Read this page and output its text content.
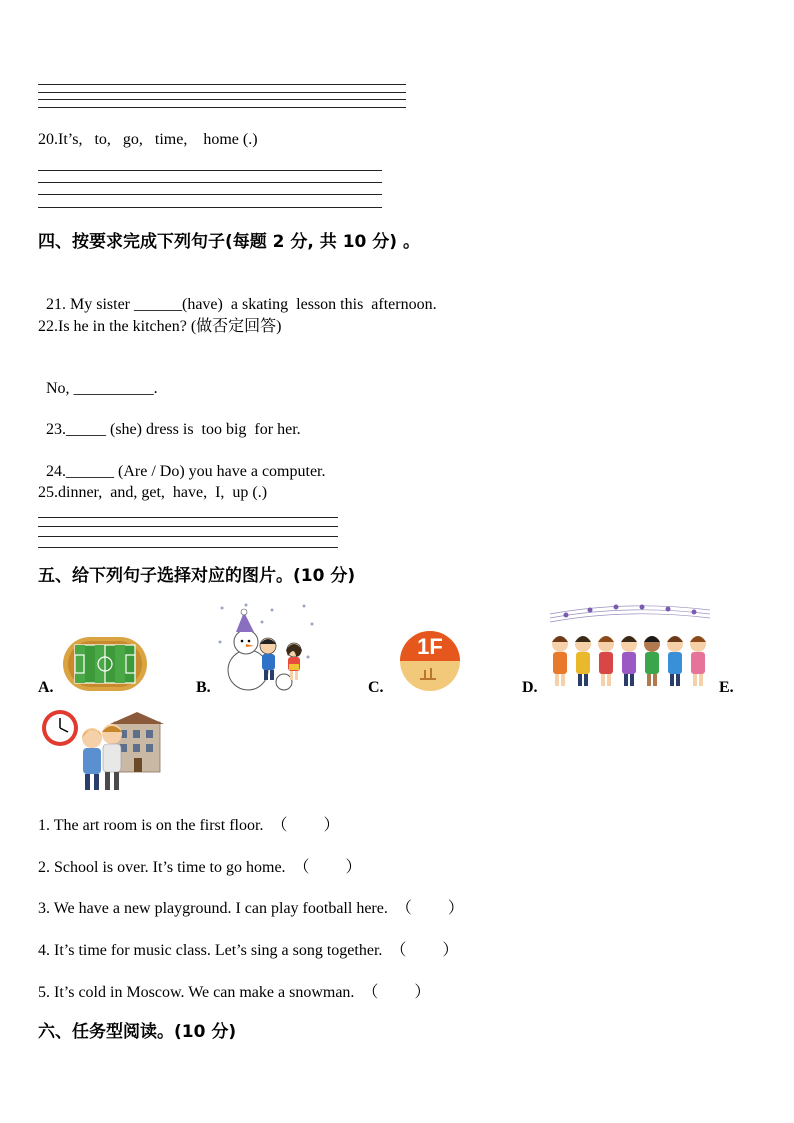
20.It’s,   to,   go,   time,    home (.)
四、按要求完成下列句子(每题 2 分, 共 10 分) 。

21. My sister ______(have)  a skating  lesson this  afternoon.

22.Is he in the kitchen? (做否定回答)

No, __________.

23._____ (she) dress is  too big  for her.

24.______ (Are / Do) you have a computer.

25.dinner,  and, get,  have,  I,  up (.)
五、给下列句子选择对应的图片。(10 分)
A.	B.	C.
1F
D.	E.
1. The art room is on the first floor.  （         ）
2. School is over. It’s time to go home.  （         ）
3. We have a new playground. I can play football here.  （         ）
4. It’s time for music class. Let’s sing a song together.  （         ）
5. It’s cold in Moscow. We can make a snowman.  （         ）
六、任务型阅读。(10 分)
